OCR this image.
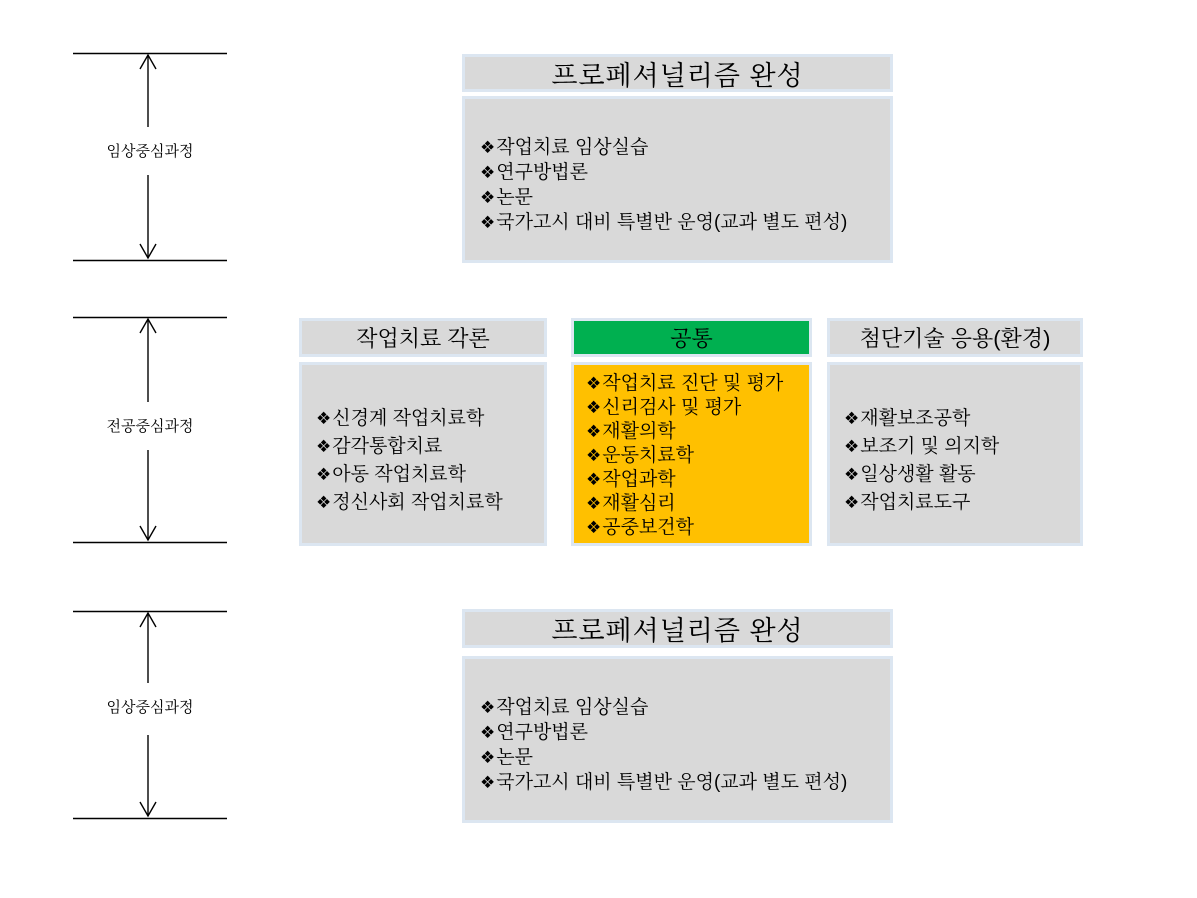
임상중심과정
전공중심과정
임상중심과정
프로페셔널리즘 완성
❖작업치료 임상실습
❖연구방법론
❖논문
❖국가고시 대비 특별반 운영(교과 별도 편성)
작업치료 각론
❖신경계 작업치료학
❖감각통합치료
❖아동 작업치료학
❖정신사회 작업치료학
공통
❖작업치료 진단 및 평가
❖신리검사 및 평가
❖재활의학
❖운동치료학
❖작업과학
❖재활심리
❖공중보건학
첨단기술 응용(환경)
❖재활보조공학
❖보조기 및 의지학
❖일상생활 활동
❖작업치료도구
프로페셔널리즘 완성
❖작업치료 임상실습
❖연구방법론
❖논문
❖국가고시 대비 특별반 운영(교과 별도 편성)
